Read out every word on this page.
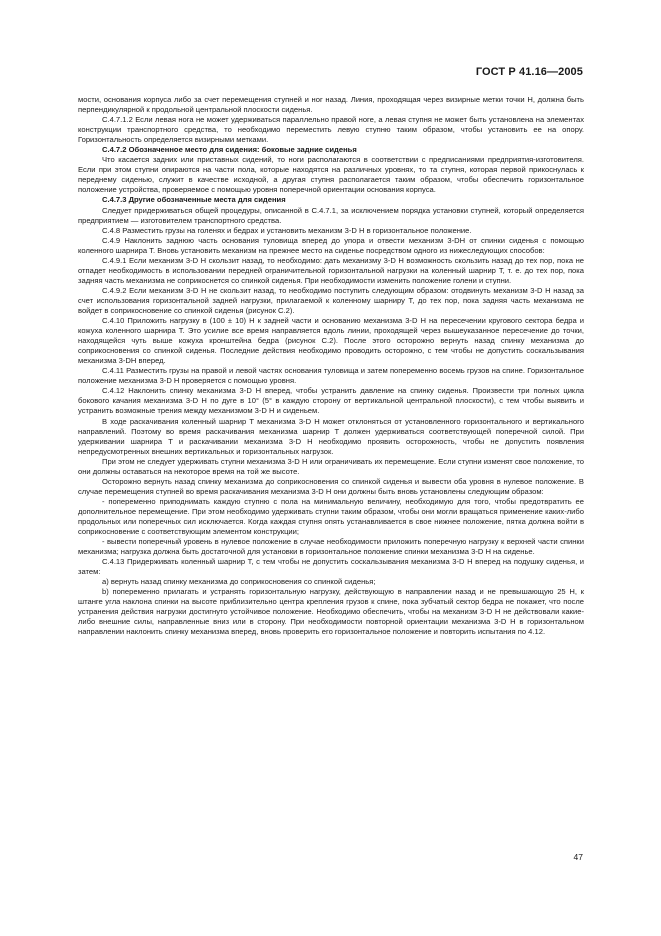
ГОСТ Р 41.16—2005

мости, основания корпуса либо за счет перемещения ступней и ног назад. Линия, проходящая через визирные метки точки H, должна быть перпендикулярной к продольной центральной плоскости сиденья.

С.4.7.1.2 Если левая нога не может удерживаться параллельно правой ноге, а левая ступня не может быть установлена на элементах конструкции транспортного средства, то необходимо переместить левую ступню таким образом, чтобы установить ее на опору. Горизонтальность определяется визирными метками.

С.4.7.2 Обозначенное место для сидения: боковые задние сиденья

Что касается задних или приставных сидений, то ноги располагаются в соответствии с предписаниями предприятия-изготовителя. Если при этом ступни опираются на части пола, которые находятся на различных уровнях, то та ступня, которая первой прикоснулась к переднему сиденью, служит в качестве исходной, а другая ступня располагается таким образом, чтобы обеспечить горизонтальное положение устройства, проверяемое с помощью уровня поперечной ориентации основания корпуса.

С.4.7.3 Другие обозначенные места для сидения

Следует придерживаться общей процедуры, описанной в С.4.7.1, за исключением порядка установки ступней, который определяется предприятием — изготовителем транспортного средства.

С.4.8 Разместить грузы на голенях и бедрах и установить механизм 3-D H в горизонтальное положение.

С.4.9 Наклонить заднюю часть основания туловища вперед до упора и отвести механизм 3-DH от спинки сиденья с помощью коленного шарнира T. Вновь установить механизм на прежнее место на сиденье посредством одного из нижеследующих способов:

С.4.9.1 Если механизм 3-D H скользит назад, то необходимо: дать механизму 3-D H возможность скользить назад до тех пор, пока не отпадет необходимость в использовании передней ограничительной горизонтальной нагрузки на коленный шарнир T, т. е. до тех пор, пока задняя часть механизма не соприкоснется со спинкой сиденья. При необходимости изменить положение голени и ступни.

С.4.9.2 Если механизм 3-D H не скользит назад, то необходимо поступить следующим образом: отодвинуть механизм 3-D H назад за счет использования горизонтальной задней нагрузки, прилагаемой к коленному шарниру T, до тех пор, пока задняя часть механизма не войдет в соприкосновение со спинкой сиденья (рисунок С.2).

С.4.10 Приложить нагрузку в (100 ± 10) Н к задней части и основанию механизма 3-D H на пересечении кругового сектора бедра и кожуха коленного шарнира T. Это усилие все время направляется вдоль линии, проходящей через вышеуказанное пересечение до точки, находящейся чуть выше кожуха кронштейна бедра (рисунок С.2). После этого осторожно вернуть назад спинку механизма до соприкосновения со спинкой сиденья. Последние действия необходимо проводить осторожно, с тем чтобы не допустить соскальзывания механизма 3-DH вперед.

С.4.11 Разместить грузы на правой и левой частях основания туловища и затем попеременно восемь грузов на спине. Горизонтальное положение механизма 3-D H проверяется с помощью уровня.

С.4.12 Наклонить спинку механизма 3-D H вперед, чтобы устранить давление на спинку сиденья. Произвести три полных цикла бокового качания механизма 3-D H по дуге в 10° (5° в каждую сторону от вертикальной центральной плоскости), с тем чтобы выявить и устранить возможные трения между механизмом 3-D H и сиденьем.

В ходе раскачивания коленный шарнир T механизма 3-D H может отклоняться от установленного горизонтального и вертикального направлений. Поэтому во время раскачивания механизма шарнир T должен удерживаться соответствующей поперечной силой. При удерживании шарнира T и раскачивании механизма 3-D H необходимо проявить осторожность, чтобы не допустить появления непредусмотренных внешних вертикальных и горизонтальных нагрузок.

При этом не следует удерживать ступни механизма 3-D H или ограничивать их перемещение. Если ступни изменят свое положение, то они должны оставаться на некоторое время на той же высоте.

Осторожно вернуть назад спинку механизма до соприкосновения со спинкой сиденья и вывести оба уровня в нулевое положение. В случае перемещения ступней во время раскачивания механизма 3-D H они должны быть вновь установлены следующим образом:

- попеременно приподнимать каждую ступню с пола на минимальную величину, необходимую для того, чтобы предотвратить ее дополнительное перемещение. При этом необходимо удерживать ступни таким образом, чтобы они могли вращаться применение каких-либо продольных или поперечных сил исключается. Когда каждая ступня опять устанавливается в свое нижнее положение, пятка должна войти в соприкосновение с соответствующим элементом конструкции;

- вывести поперечный уровень в нулевое положение в случае необходимости приложить поперечную нагрузку к верхней части спинки механизма; нагрузка должна быть достаточной для установки в горизонтальное положение спинки механизма 3-D H на сиденье.

С.4.13 Придерживать коленный шарнир T, с тем чтобы не допустить соскальзывания механизма 3-D H вперед на подушку сиденья, и затем:

а) вернуть назад спинку механизма до соприкосновения со спинкой сиденья;

b) попеременно прилагать и устранять горизонтальную нагрузку, действующую в направлении назад и не превышающую 25 Н, к штанге угла наклона спинки на высоте приблизительно центра крепления грузов к спине, пока зубчатый сектор бедра не покажет, что после устранения действия нагрузки достигнуто устойчивое положение. Необходимо обеспечить, чтобы на механизм 3-D H не действовали какие-либо внешние силы, направленные вниз или в сторону. При необходимости повторной ориентации механизма 3-D H в горизонтальном направлении наклонить спинку механизма вперед, вновь проверить его горизонтальное положение и повторить испытания по 4.12.

47
